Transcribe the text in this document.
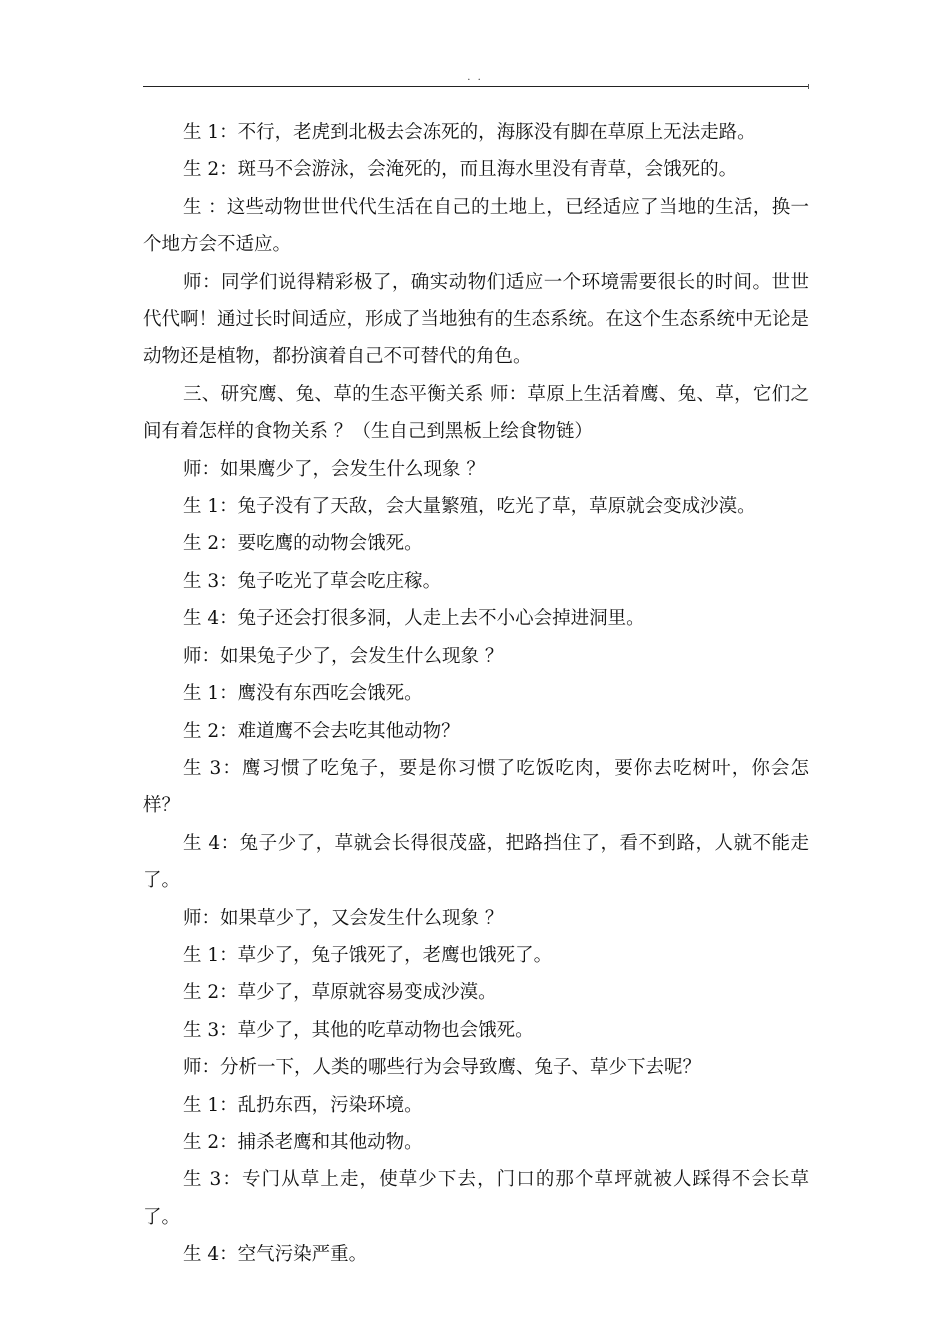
. .

生 1：不行，老虎到北极去会冻死的，海豚没有脚在草原上无法走路。

生 2：斑马不会游泳，会淹死的，而且海水里没有青草，会饿死的。

生 ：这些动物世世代代生活在自己的土地上，已经适应了当地的生活，换一个地方会不适应。

师：同学们说得精彩极了，确实动物们适应一个环境需要很长的时间。世世代代啊！通过长时间适应，形成了当地独有的生态系统。在这个生态系统中无论是动物还是植物，都扮演着自己不可替代的角色。

三、研究鹰、兔、草的生态平衡关系 师：草原上生活着鹰、兔、草，它们之间有着怎样的食物关系 ？（生自己到黑板上绘食物链）

师：如果鹰少了，会发生什么现象 ？

生 1：兔子没有了天敌，会大量繁殖，吃光了草，草原就会变成沙漠。

生 2：要吃鹰的动物会饿死。

生 3：兔子吃光了草会吃庄稼。

生 4：兔子还会打很多洞，人走上去不小心会掉进洞里。

师：如果兔子少了，会发生什么现象 ？

生 1：鹰没有东西吃会饿死。

生 2：难道鹰不会去吃其他动物？

生 3：鹰习惯了吃兔子，要是你习惯了吃饭吃肉，要你去吃树叶，你会怎样？

生 4：兔子少了，草就会长得很茂盛，把路挡住了，看不到路，人就不能走了。

师：如果草少了，又会发生什么现象 ？

生 1：草少了，兔子饿死了，老鹰也饿死了。

生 2：草少了，草原就容易变成沙漠。

生 3：草少了，其他的吃草动物也会饿死。

师：分析一下，人类的哪些行为会导致鹰、兔子、草少下去呢？

生 1：乱扔东西，污染环境。

生 2：捕杀老鹰和其他动物。

生 3：专门从草上走，使草少下去，门口的那个草坪就被人踩得不会长草了。

生 4：空气污染严重。
